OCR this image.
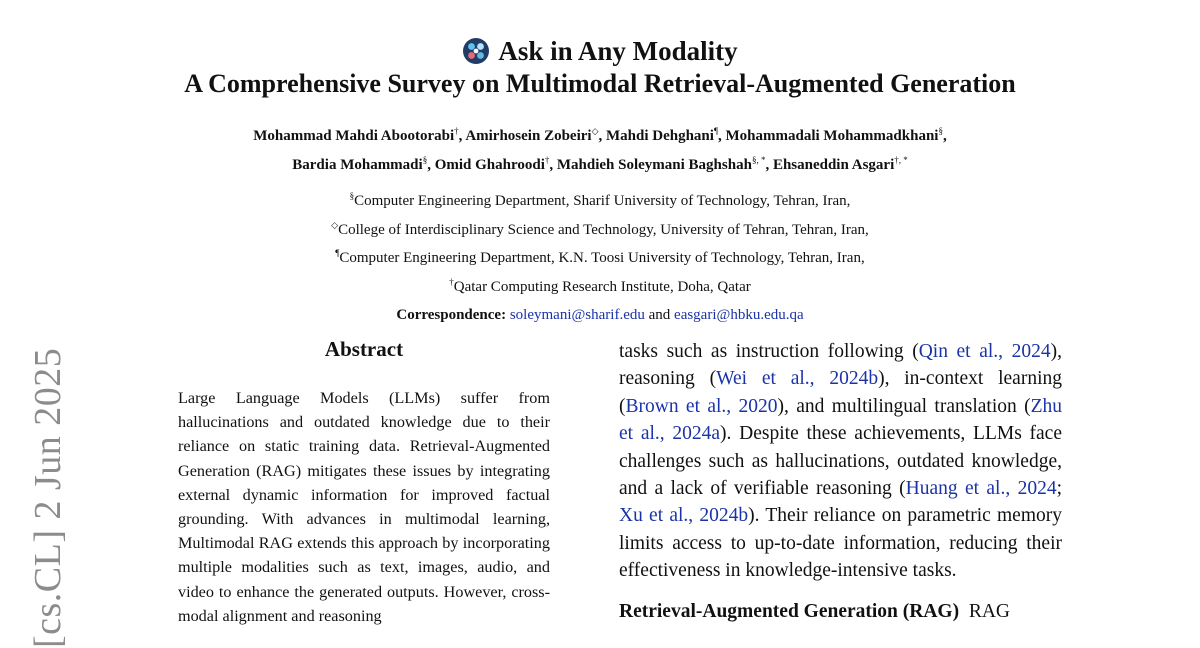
[cs.CL] 2 Jun 2025
Ask in Any Modality
A Comprehensive Survey on Multimodal Retrieval-Augmented Generation
Mohammad Mahdi Abootorabi†, Amirhosein Zobeiri◇, Mahdi Dehghani¶, Mohammadali Mohammadkhani§,
Bardia Mohammadi§, Omid Ghahroodi†, Mahdieh Soleymani Baghshah§, *, Ehsaneddin Asgari†, *
§Computer Engineering Department, Sharif University of Technology, Tehran, Iran,
◇College of Interdisciplinary Science and Technology, University of Tehran, Tehran, Iran,
¶Computer Engineering Department, K.N. Toosi University of Technology, Tehran, Iran,
†Qatar Computing Research Institute, Doha, Qatar
Correspondence: soleymani@sharif.edu and easgari@hbku.edu.qa
Abstract
Large Language Models (LLMs) suffer from hallucinations and outdated knowledge due to their reliance on static training data. Retrieval-Augmented Generation (RAG) mitigates these issues by integrating external dynamic information for improved factual grounding. With advances in multimodal learning, Multimodal RAG extends this approach by incorporating multiple modalities such as text, images, audio, and video to enhance the generated outputs. However, cross-modal alignment and reasoning
tasks such as instruction following (Qin et al., 2024), reasoning (Wei et al., 2024b), in-context learning (Brown et al., 2020), and multilingual translation (Zhu et al., 2024a). Despite these achievements, LLMs face challenges such as hallucinations, outdated knowledge, and a lack of verifiable reasoning (Huang et al., 2024; Xu et al., 2024b). Their reliance on parametric memory limits access to up-to-date information, reducing their effectiveness in knowledge-intensive tasks.
Retrieval-Augmented Generation (RAG) RAG
